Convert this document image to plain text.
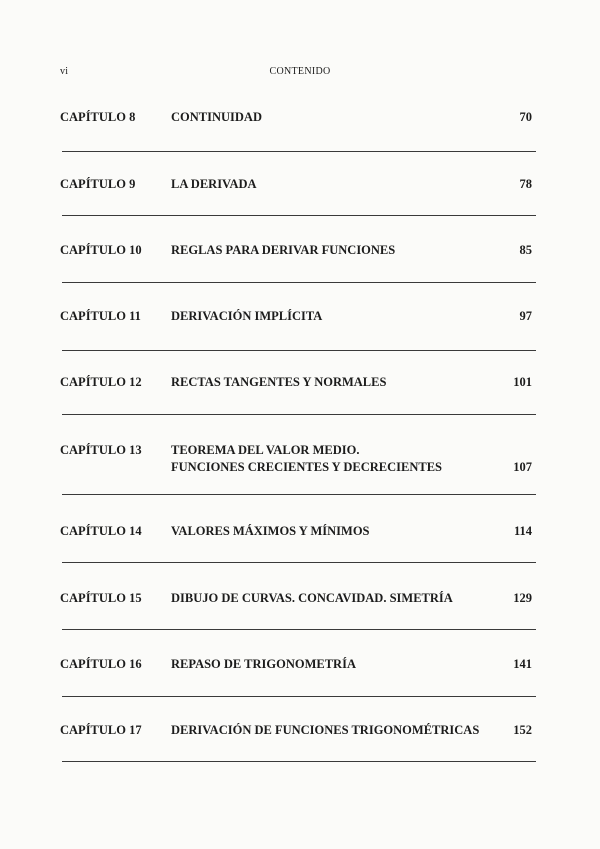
vi	CONTENIDO
CAPÍTULO 8	CONTINUIDAD	70
CAPÍTULO 9	LA DERIVADA	78
CAPÍTULO 10 REGLAS PARA DERIVAR FUNCIONES	85
CAPÍTULO 11 DERIVACIÓN IMPLÍCITA	97
CAPÍTULO 12 RECTAS TANGENTES Y NORMALES	101
CAPÍTULO 13 TEOREMA DEL VALOR MEDIO.
FUNCIONES CRECIENTES Y DECRECIENTES	107
CAPÍTULO 14 VALORES MÁXIMOS Y MÍNIMOS	114
CAPÍTULO 15 DIBUJO DE CURVAS. CONCAVIDAD. SIMETRÍA	129
CAPÍTULO 16 REPASO DE TRIGONOMETRÍA	141
CAPÍTULO 17 DERIVACIÓN DE FUNCIONES TRIGONOMÉTRICAS	152
